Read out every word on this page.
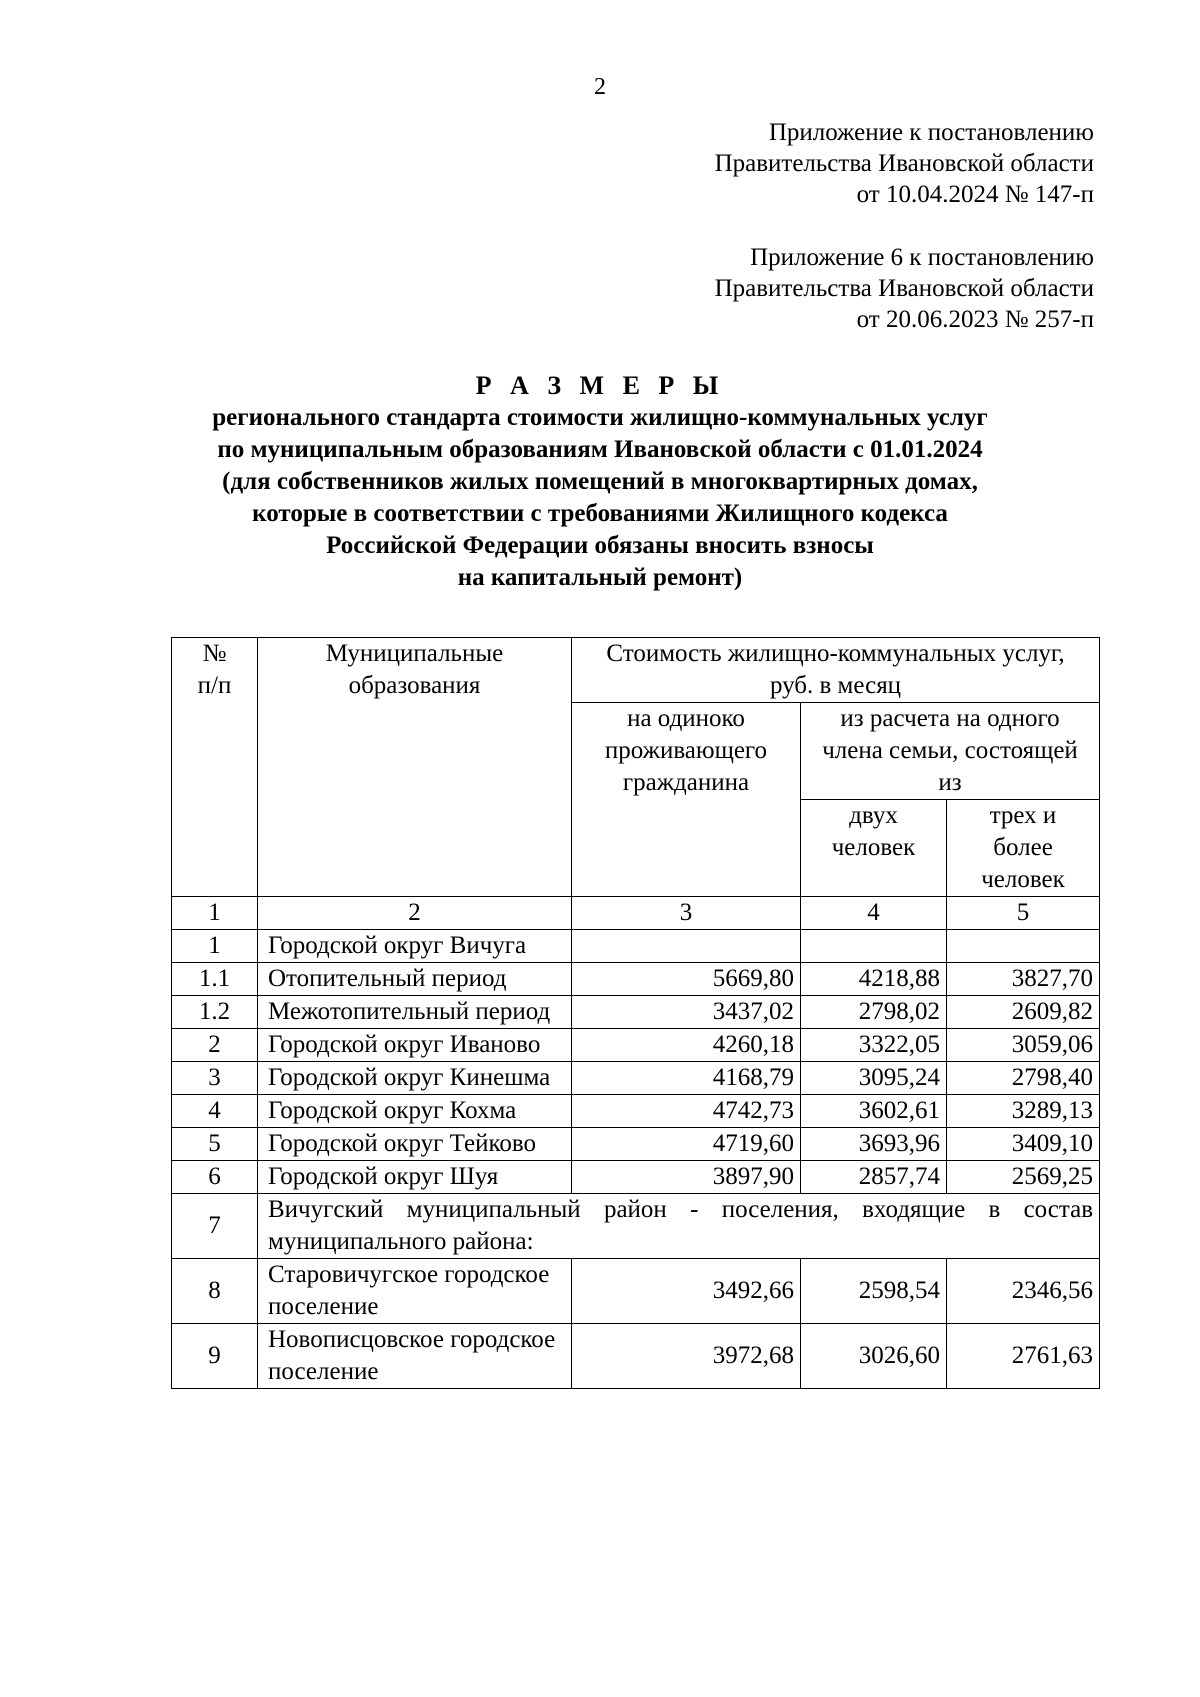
2
Приложение к постановлению
Правительства Ивановской области
от 10.04.2024 № 147-п
Приложение 6 к постановлению
Правительства Ивановской области
от 20.06.2023 № 257-п
Р А З М Е Р Ы
регионального стандарта стоимости жилищно-коммунальных услуг
по муниципальным образованиям Ивановской области с 01.01.2024
(для собственников жилых помещений в многоквартирных домах,
которые в соответствии с требованиями Жилищного кодекса
Российской Федерации обязаны вносить взносы
на капитальный ремонт)
№ п/п	Муниципальные образования	Стоимость жилищно-коммунальных услуг, руб. в месяц		
		на одиноко проживающего гражданина	из расчета на одного члена семьи, состоящей из	
			двух человек	трех и более человек
1	2	3	4	5
1	Городской округ Вичуга			
1.1	Отопительный период	5669,80	4218,88	3827,70
1.2	Межотопительный период	3437,02	2798,02	2609,82
2	Городской округ Иваново	4260,18	3322,05	3059,06
3	Городской округ Кинешма	4168,79	3095,24	2798,40
4	Городской округ Кохма	4742,73	3602,61	3289,13
5	Городской округ Тейково	4719,60	3693,96	3409,10
6	Городской округ Шуя	3897,90	2857,74	2569,25
7	Вичугский муниципальный район - поселения, входящие в состав муниципального района:			
8	Старовичугское городское поселение	3492,66	2598,54	2346,56
9	Новописцовское городское поселение	3972,68	3026,60	2761,63
